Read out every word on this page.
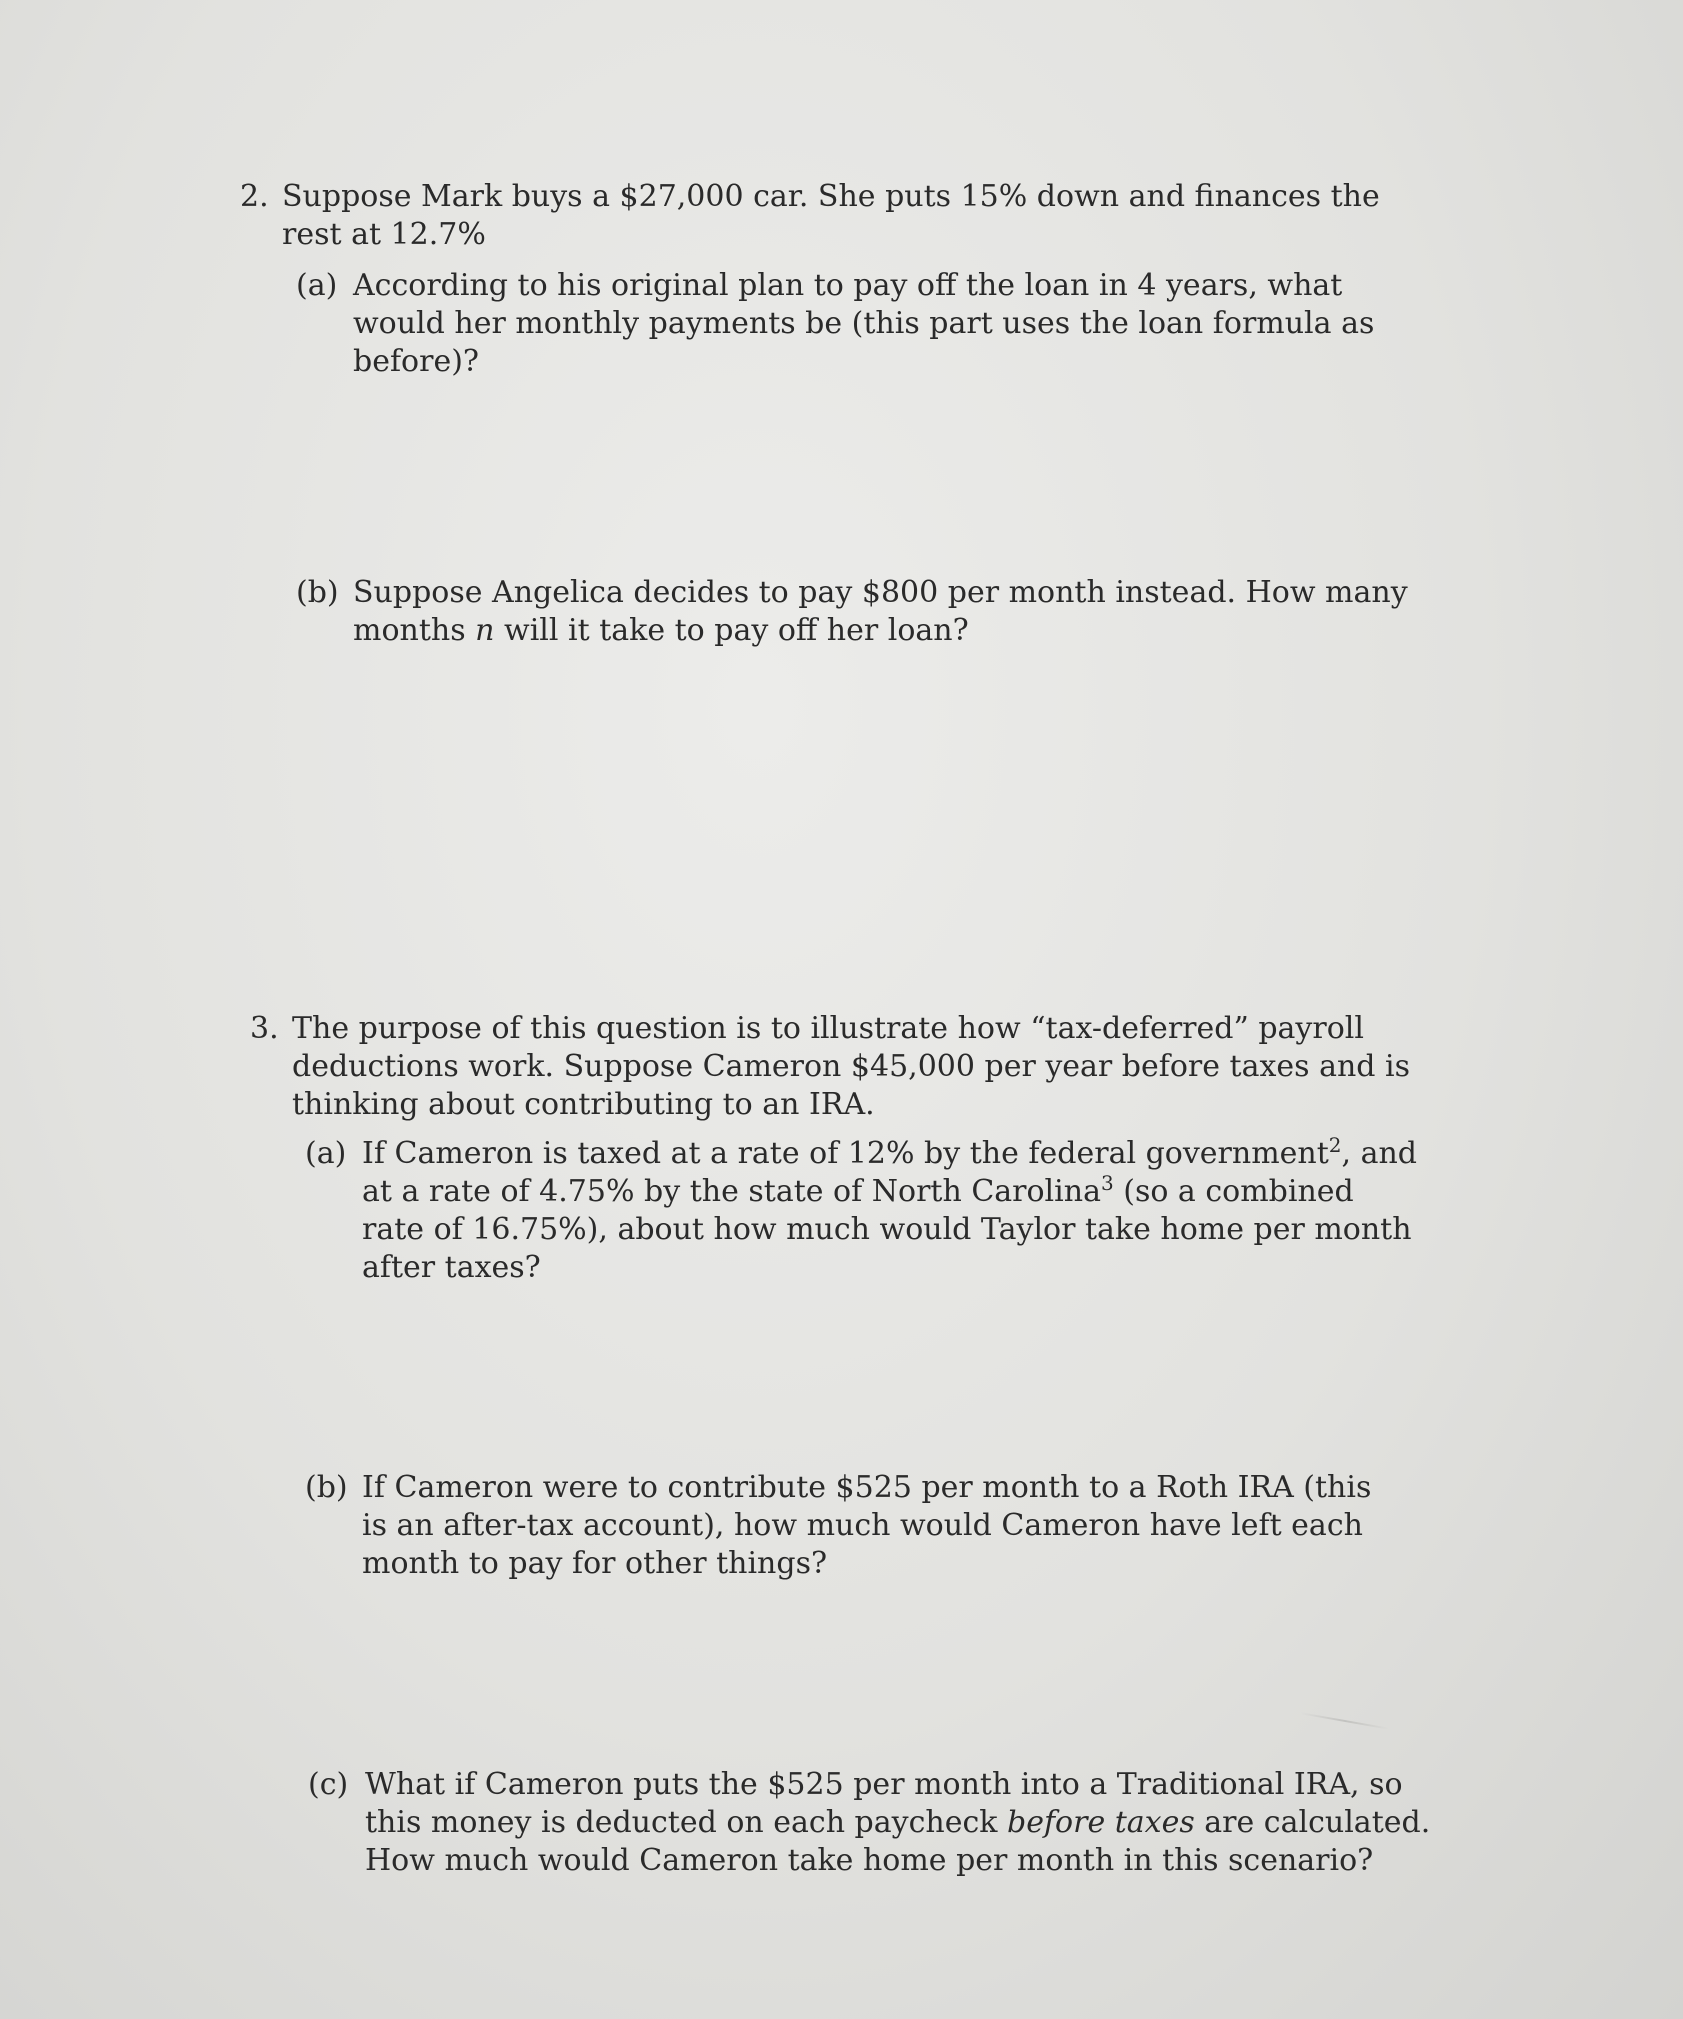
2. Suppose Mark buys a $27,000 car. She puts 15% down and finances the
rest at 12.7%
(a) According to his original plan to pay off the loan in 4 years, what
would her monthly payments be (this part uses the loan formula as
before)?
(b) Suppose Angelica decides to pay $800 per month instead. How many
months n will it take to pay off her loan?
3. The purpose of this question is to illustrate how “tax-deferred” payroll
deductions work. Suppose Cameron $45,000 per year before taxes and is
thinking about contributing to an IRA.
(a) If Cameron is taxed at a rate of 12% by the federal government$^2$, and
at a rate of 4.75% by the state of North Carolina$^3$ (so a combined
rate of 16.75%), about how much would Taylor take home per month
after taxes?
(b) If Cameron were to contribute $525 per month to a Roth IRA (this
is an after-tax account), how much would Cameron have left each
month to pay for other things?
(c) What if Cameron puts the $525 per month into a Traditional IRA, so
this money is deducted on each paycheck before taxes are calculated.
How much would Cameron take home per month in this scenario?
